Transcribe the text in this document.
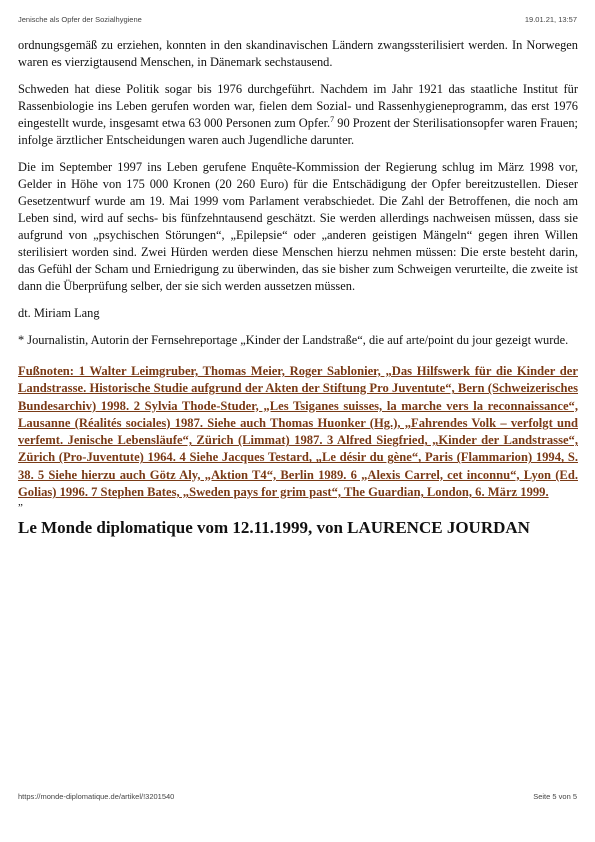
Jenische als Opfer der Sozialhygiene	19.01.21, 13:57

ordnungsgemäß zu erziehen, konnten in den skandinavischen Ländern zwangssterilisiert werden. In Norwegen waren es vierzigtausend Menschen, in Dänemark sechstausend.

Schweden hat diese Politik sogar bis 1976 durchgeführt. Nachdem im Jahr 1921 das staatliche Institut für Rassenbiologie ins Leben gerufen worden war, fielen dem Sozial- und Rassenhygieneprogramm, das erst 1976 eingestellt wurde, insgesamt etwa 63 000 Personen zum Opfer.$^7$ 90 Prozent der Sterilisationsopfer waren Frauen; infolge ärztlicher Entscheidungen waren auch Jugendliche darunter.

Die im September 1997 ins Leben gerufene Enquête-Kommission der Regierung schlug im März 1998 vor, Gelder in Höhe von 175 000 Kronen (20 260 Euro) für die Entschädigung der Opfer bereitzustellen. Dieser Gesetzentwurf wurde am 19. Mai 1999 vom Parlament verabschiedet. Die Zahl der Betroffenen, die noch am Leben sind, wird auf sechs- bis fünfzehntausend geschätzt. Sie werden allerdings nachweisen müssen, dass sie aufgrund von „psychischen Störungen“, „Epilepsie“ oder „anderen geistigen Mängeln“ gegen ihren Willen sterilisiert worden sind. Zwei Hürden werden diese Menschen hierzu nehmen müssen: Die erste besteht darin, das Gefühl der Scham und Erniedrigung zu überwinden, das sie bisher zum Schweigen verurteilte, die zweite ist dann die Überprüfung selber, der sie sich werden aussetzen müssen.

dt. Miriam Lang

* Journalistin, Autorin der Fernsehreportage „Kinder der Landstraße“, die auf arte/point du jour gezeigt wurde.

Fußnoten: 1 Walter Leimgruber, Thomas Meier, Roger Sablonier, „Das Hilfswerk für die Kinder der Landstrasse. Historische Studie aufgrund der Akten der Stiftung Pro Juventute“, Bern (Schweizerisches Bundesarchiv) 1998. 2 Sylvia Thode-Studer, „Les Tsiganes suisses, la marche vers la reconnaissance“, Lausanne (Réalités sociales) 1987. Siehe auch Thomas Huonker (Hg.), „Fahrendes Volk – verfolgt und verfemt. Jenische Lebensläufe“, Zürich (Limmat) 1987. 3 Alfred Siegfried, „Kinder der Landstrasse“, Zürich (Pro-Juventute) 1964. 4 Siehe Jacques Testard, „Le désir du gène“, Paris (Flammarion) 1994, S. 38. 5 Siehe hierzu auch Götz Aly, „Aktion T4“, Berlin 1989. 6 „Alexis Carrel, cet inconnu“, Lyon (Ed. Golias) 1996. 7 Stephen Bates, „Sweden pays for grim past“, The Guardian, London, 6. März 1999.

”
Le Monde diplomatique vom 12.11.1999, von LAURENCE JOURDAN
https://monde-diplomatique.de/artikel/!3201540	Seite 5 von 5
